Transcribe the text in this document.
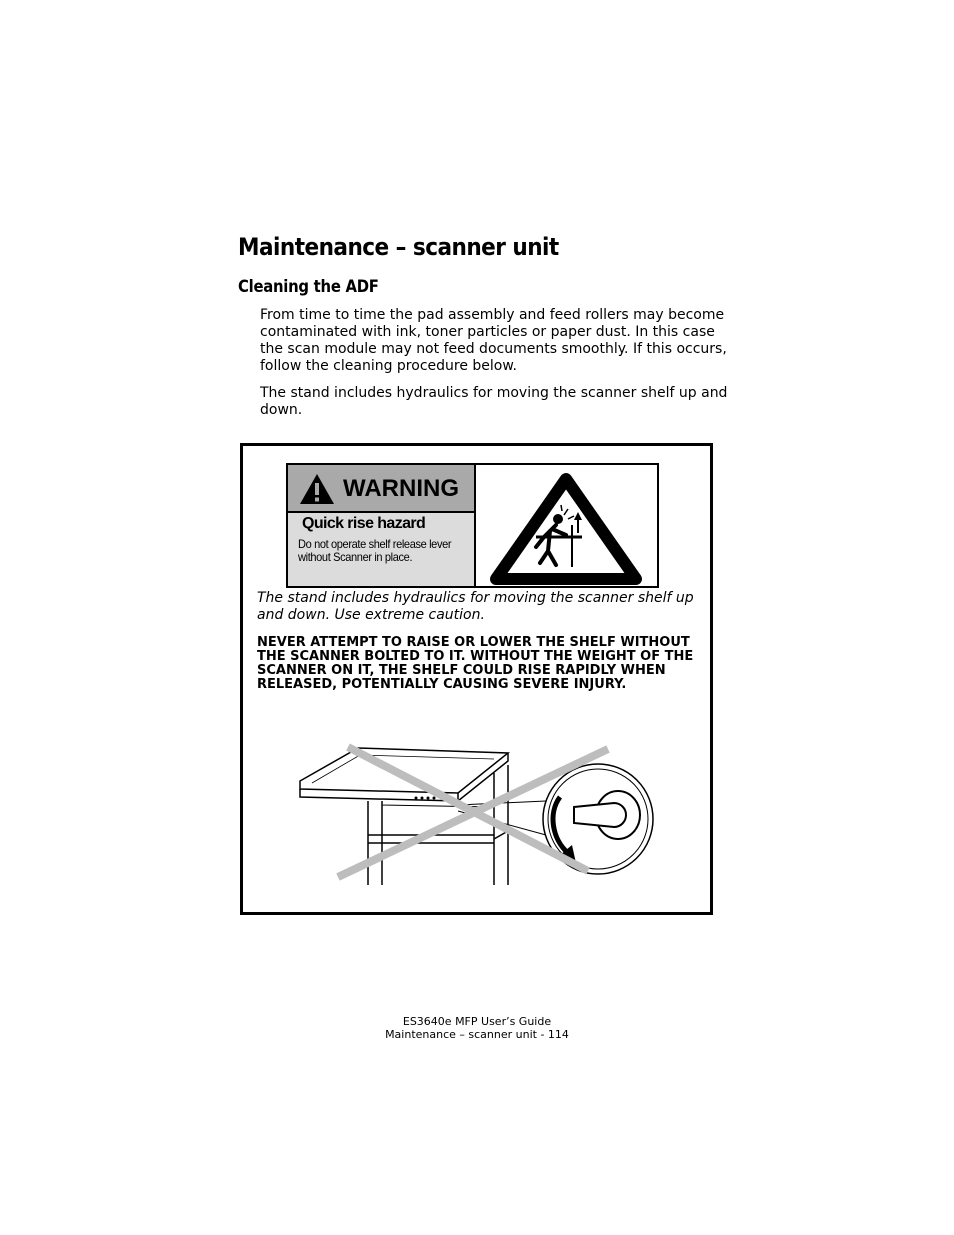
Maintenance – scanner unit
Cleaning the ADF

From time to time the pad assembly and feed rollers may become contaminated with ink, toner particles or paper dust. In this case the scan module may not feed documents smoothly. If this occurs, follow the cleaning procedure below.

The stand includes hydraulics for moving the scanner shelf up and down.

WARNING
Quick rise hazard
Do not operate shelf release lever without Scanner in place.

The stand includes hydraulics for moving the scanner shelf up and down. Use extreme caution.

NEVER ATTEMPT TO RAISE OR LOWER THE SHELF WITHOUT THE SCANNER BOLTED TO IT. WITHOUT THE WEIGHT OF THE SCANNER ON IT, THE SHELF COULD RISE RAPIDLY WHEN RELEASED, POTENTIALLY CAUSING SEVERE INJURY.

ES3640e MFP User’s Guide
Maintenance – scanner unit - 114
